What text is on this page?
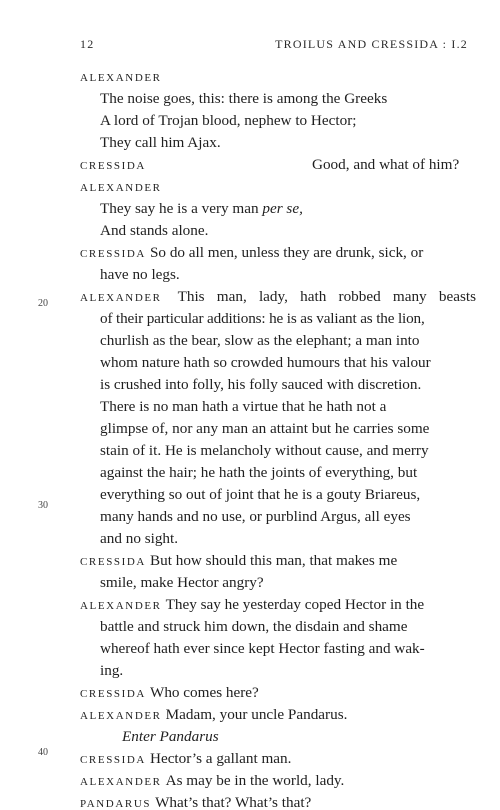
12	TROILUS AND CRESSIDA : I.2
20
30
40
ALEXANDER
The noise goes, this: there is among the Greeks
A lord of Trojan blood, nephew to Hector;
They call him Ajax.
CRESSIDA	Good, and what of him?
ALEXANDER
They say he is a very man per se,
And stands alone.
CRESSIDA So do all men, unless they are drunk, sick, or
have no legs.
ALEXANDER This man, lady, hath robbed many beasts
of their particular additions: he is as valiant as the lion,
churlish as the bear, slow as the elephant; a man into
whom nature hath so crowded humours that his valour
is crushed into folly, his folly sauced with discretion.
There is no man hath a virtue that he hath not a
glimpse of, nor any man an attaint but he carries some
stain of it. He is melancholy without cause, and merry
against the hair; he hath the joints of everything, but
everything so out of joint that he is a gouty Briareus,
many hands and no use, or purblind Argus, all eyes
and no sight.
CRESSIDA But how should this man, that makes me
smile, make Hector angry?
ALEXANDER They say he yesterday coped Hector in the
battle and struck him down, the disdain and shame
whereof hath ever since kept Hector fasting and wak-
ing.
CRESSIDA Who comes here?
ALEXANDER Madam, your uncle Pandarus.
Enter Pandarus
CRESSIDA Hector’s a gallant man.
ALEXANDER As may be in the world, lady.
PANDARUS What’s that? What’s that?
